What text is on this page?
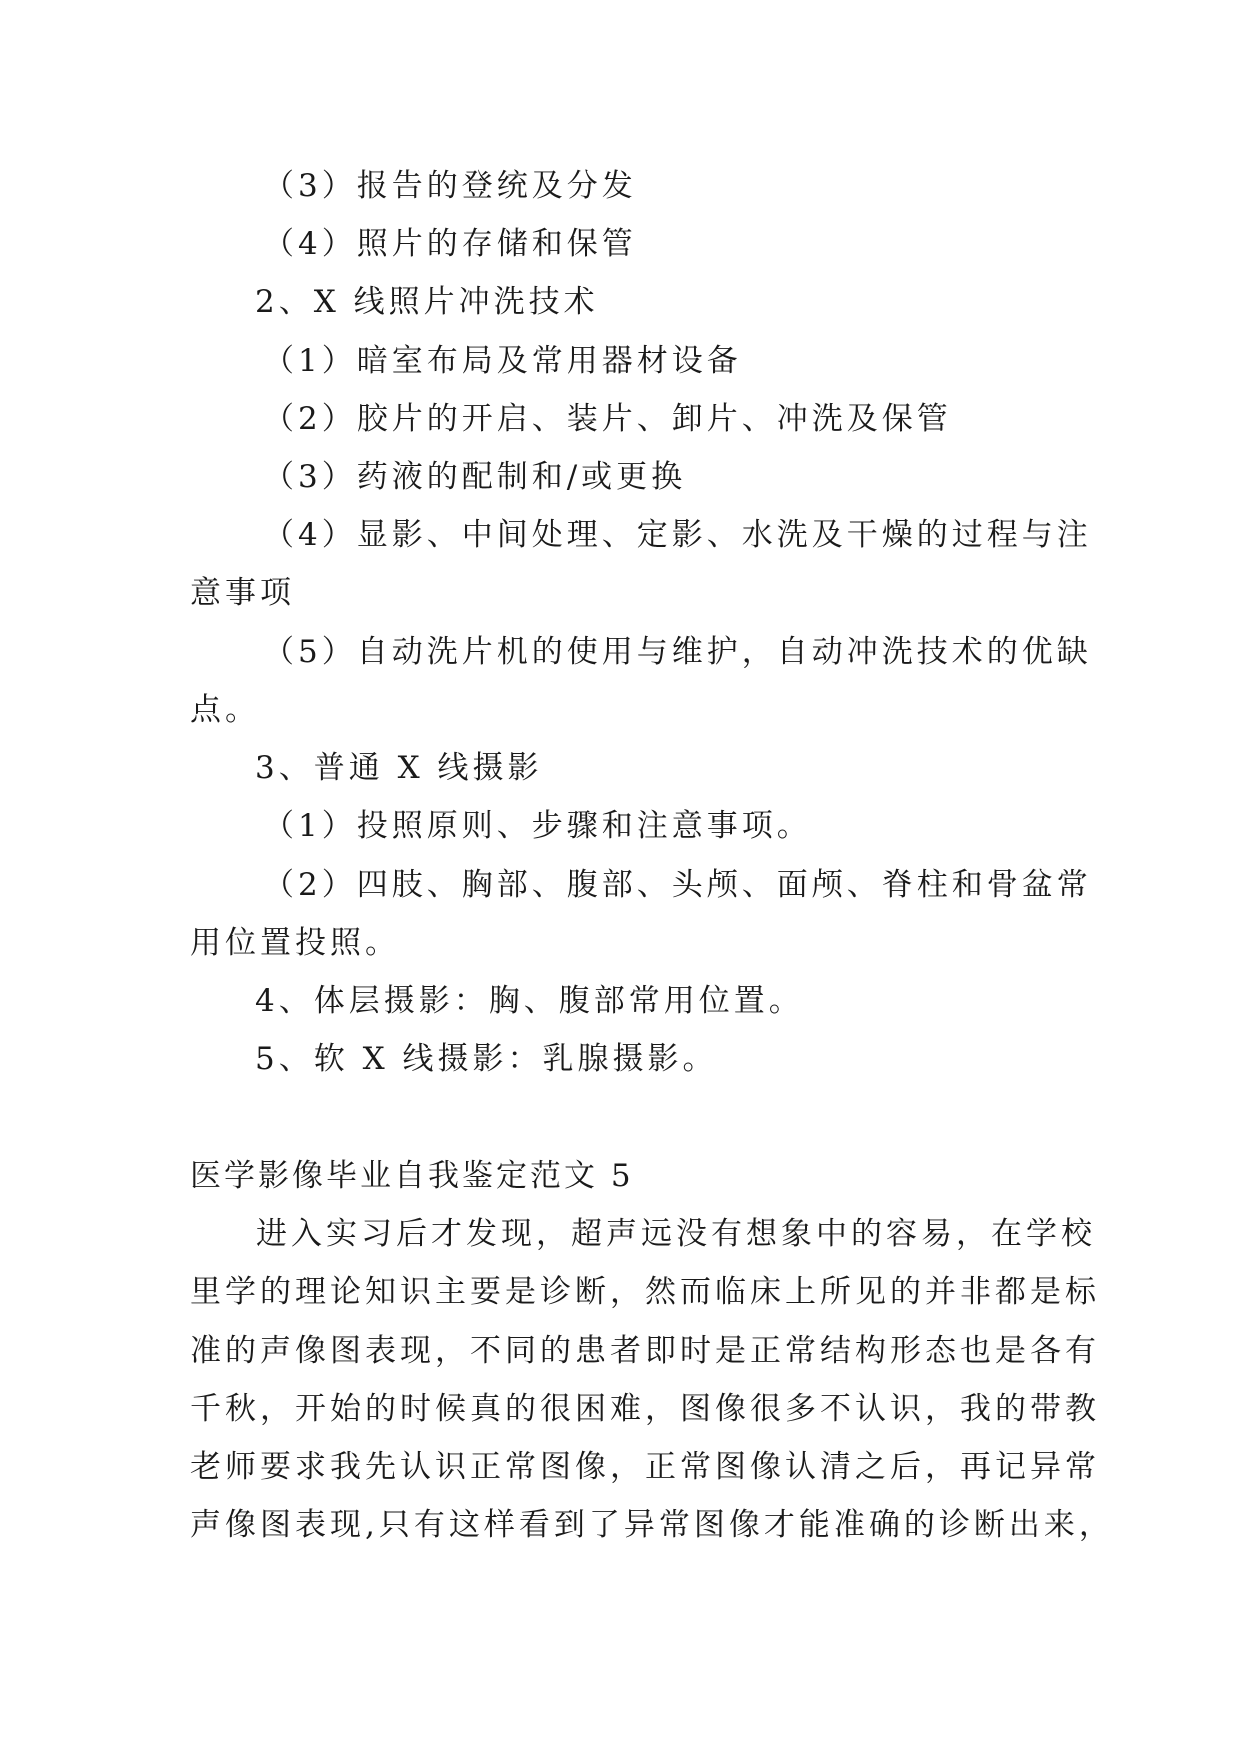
（3）报告的登统及分发
（4）照片的存储和保管
2、X 线照片冲洗技术
（1）暗室布局及常用器材设备
（2）胶片的开启、装片、卸片、冲洗及保管
（3）药液的配制和/或更换
（4）显影、中间处理、定影、水洗及干燥的过程与注
意事项
（5）自动洗片机的使用与维护，自动冲洗技术的优缺
点。
3、普通 X 线摄影
（1）投照原则、步骤和注意事项。
（2）四肢、胸部、腹部、头颅、面颅、脊柱和骨盆常
用位置投照。
4、体层摄影：胸、腹部常用位置。
5、软 X 线摄影：乳腺摄影。
医学影像毕业自我鉴定范文 5
进入实习后才发现，超声远没有想象中的容易，在学校
里学的理论知识主要是诊断，然而临床上所见的并非都是标
准的声像图表现，不同的患者即时是正常结构形态也是各有
千秋，开始的时候真的很困难，图像很多不认识，我的带教
老师要求我先认识正常图像，正常图像认清之后，再记异常
声像图表现,只有这样看到了异常图像才能准确的诊断出来，
